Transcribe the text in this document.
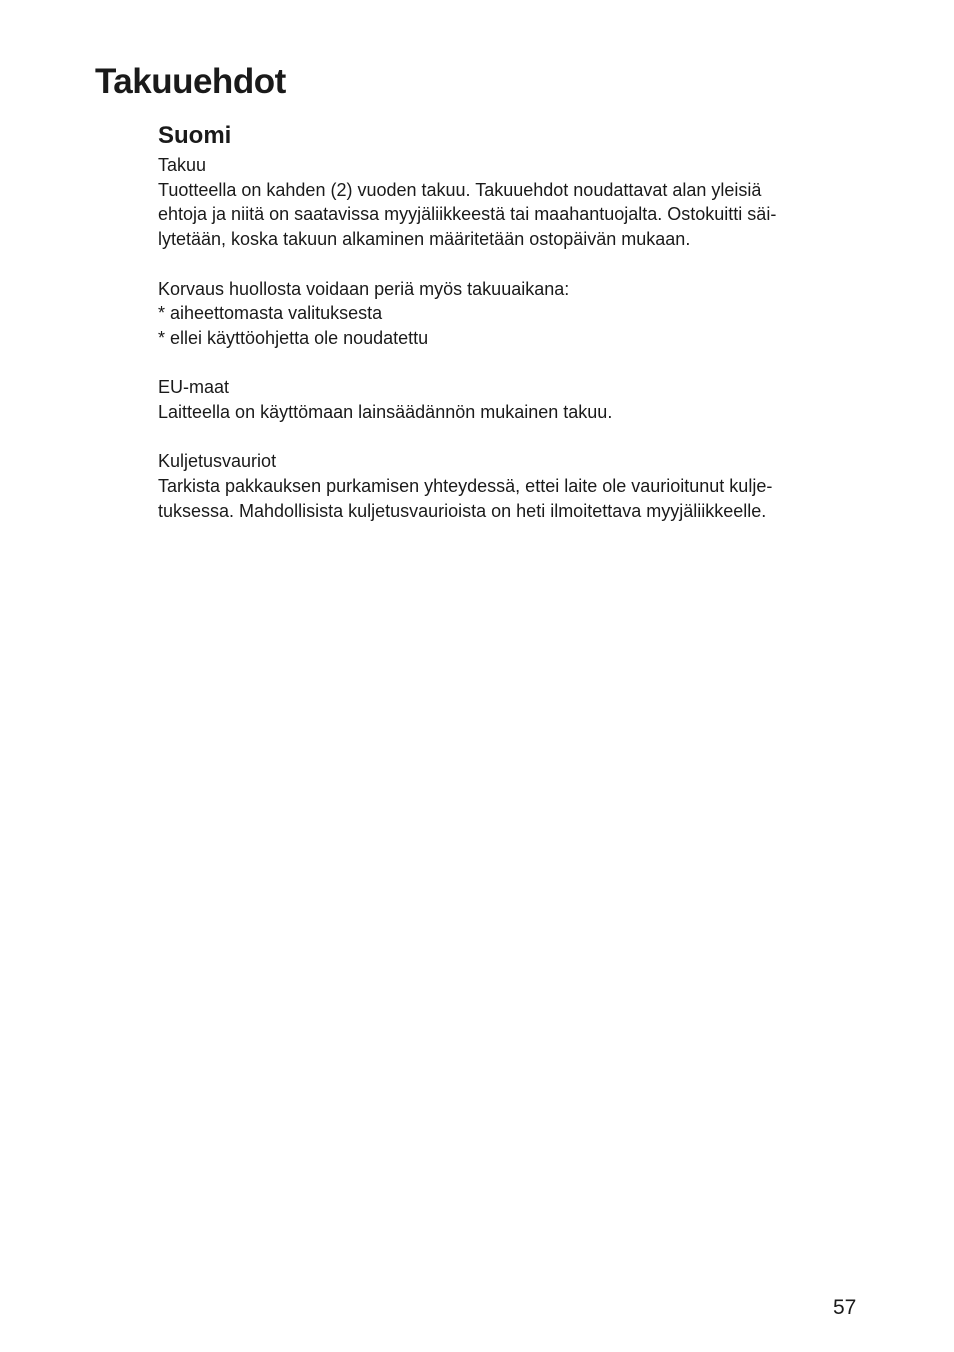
Takuuehdot
Suomi

Takuu

Tuotteella on kahden (2) vuoden takuu. Takuuehdot noudattavat alan yleisiä

ehtoja ja niitä on saatavissa myyjäliikkeestä tai maahantuojalta. Ostokuitti säi-

lytetään, koska takuun alkaminen määritetään ostopäivän mukaan.

Korvaus huollosta voidaan periä myös takuuaikana:

* aiheettomasta valituksesta

* ellei käyttöohjetta ole noudatettu

EU-maat

Laitteella on käyttömaan lainsäädännön mukainen takuu.

Kuljetusvauriot

Tarkista pakkauksen purkamisen yhteydessä, ettei laite ole vaurioitunut kulje-

tuksessa. Mahdollisista kuljetusvaurioista on heti ilmoitettava myyjäliikkeelle.

57
